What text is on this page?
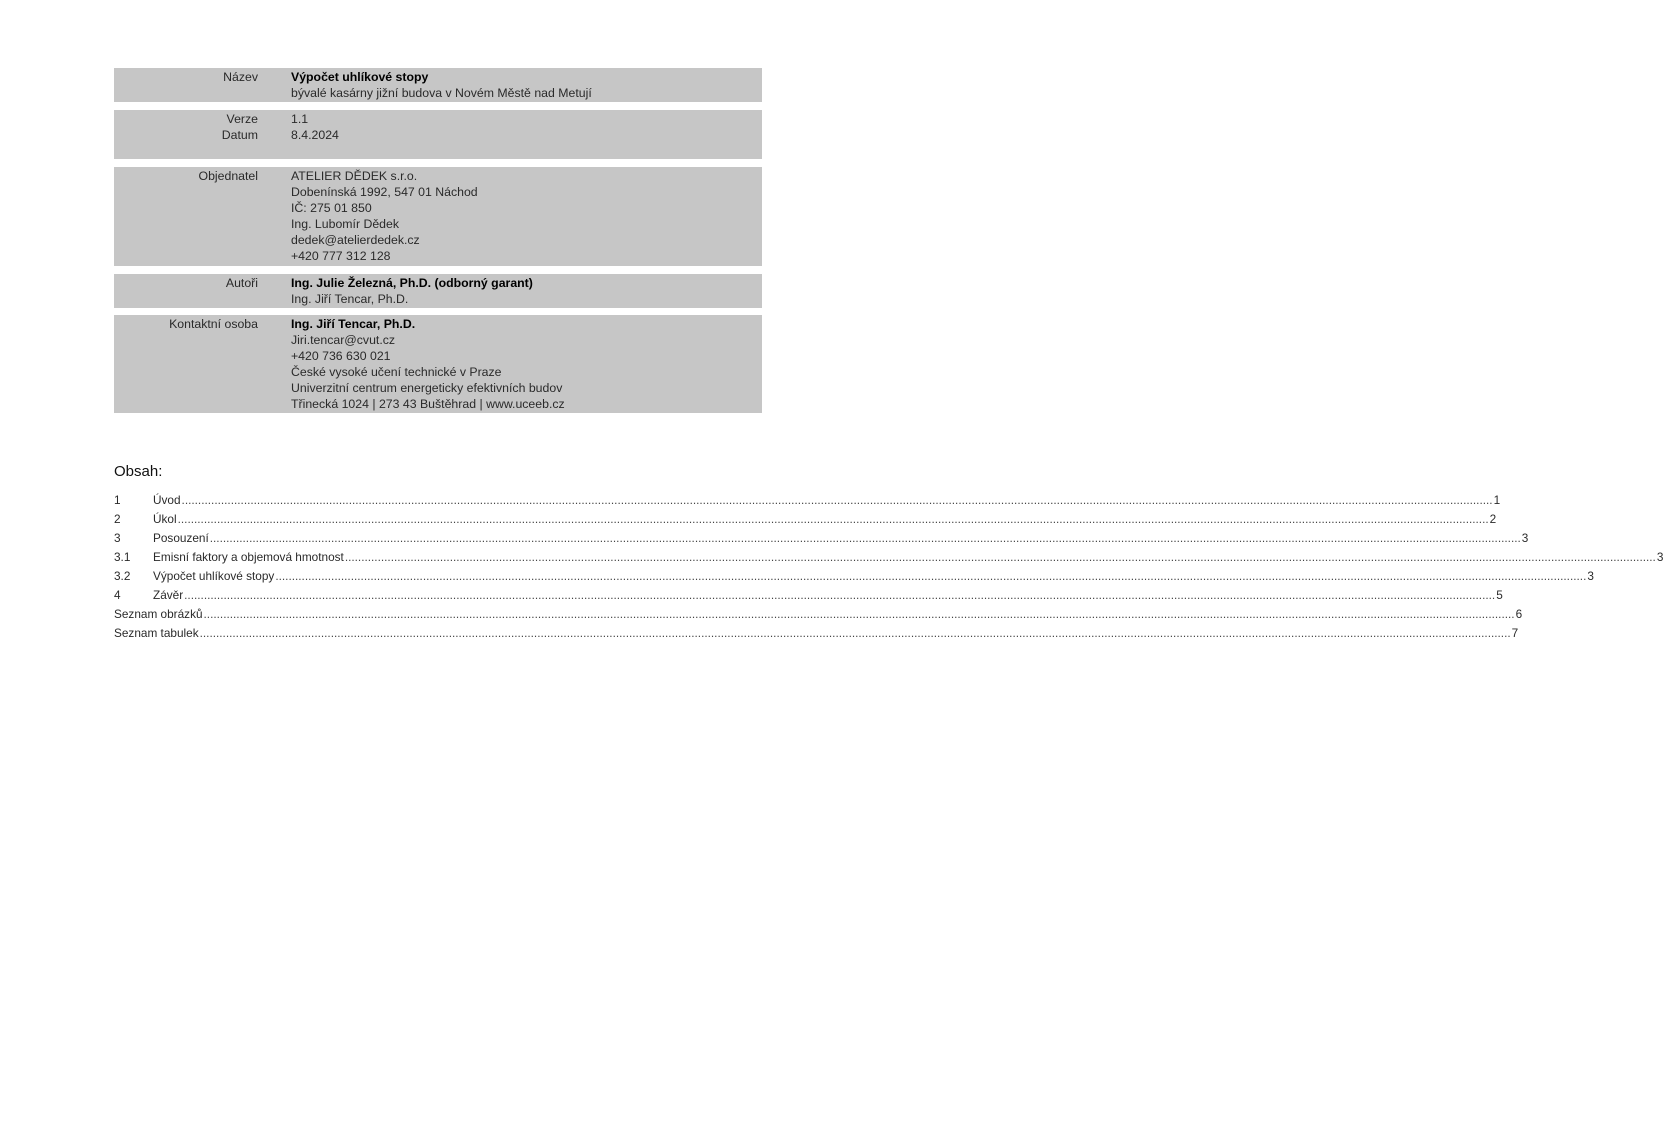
Název	Výpočet uhlíkové stopy
bývalé kasárny jižní budova v Novém Městě nad Metují
Verze	1.1
Datum	8.4.2024
Objednatel	ATELIER DĚDEK s.r.o.
Dobenínská 1992, 547 01 Náchod
IČ: 275 01 850
Ing. Lubomír Dědek
dedek@atelierdedek.cz
+420 777 312 128
Autoři	Ing. Julie Železná, Ph.D. (odborný garant)
Ing. Jiří Tencar, Ph.D.
Kontaktní osoba	Ing. Jiří Tencar, Ph.D.
Jiri.tencar@cvut.cz
+420 736 630 021
České vysoké učení technické v Praze
Univerzitní centrum energeticky efektivních budov
Třinecká 1024 | 273 43 Buštěhrad | www.uceeb.cz
Obsah:
1	Úvod ................................................................................................................................................................................................................................................................................................................................................................................................................ 1
2	Úkol ................................................................................................................................................................................................................................................................................................................................................................................................................ 2
3	Posouzení ................................................................................................................................................................................................................................................................................................................................................................................................................ 3
3.1	Emisní faktory a objemová hmotnost ................................................................................................................................................................................................................................................................................................................................................................................................................ 3
3.2	Výpočet uhlíkové stopy ................................................................................................................................................................................................................................................................................................................................................................................................................ 3
4	Závěr ................................................................................................................................................................................................................................................................................................................................................................................................................ 5
Seznam obrázků ................................................................................................................................................................................................................................................................................................................................................................................................................ 6
Seznam tabulek ................................................................................................................................................................................................................................................................................................................................................................................................................ 7
